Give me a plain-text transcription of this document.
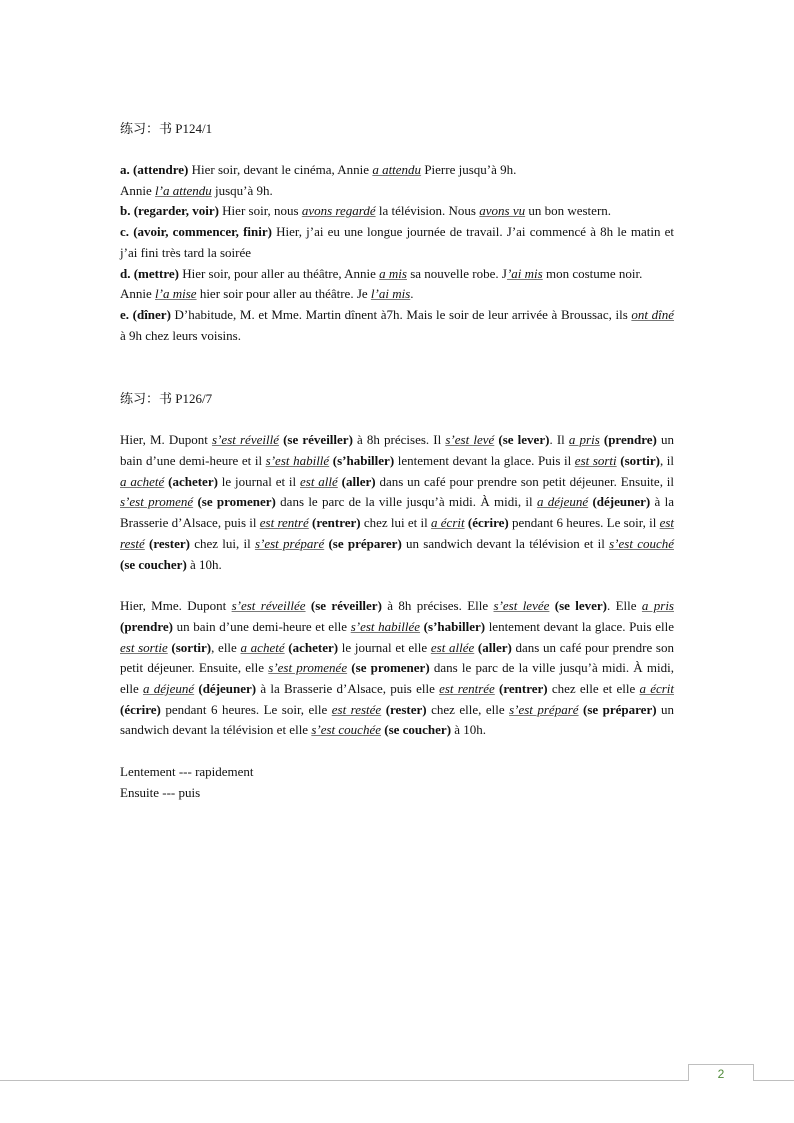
练习：书 P124/1

a. (attendre) Hier soir, devant le cinéma, Annie a attendu Pierre jusqu’à 9h.

Annie l’a attendu jusqu’à 9h.

b. (regarder, voir) Hier soir, nous avons regardé la télévision. Nous avons vu un bon western.

c. (avoir, commencer, finir) Hier, j’ai eu une longue journée de travail. J’ai commencé à 8h le matin et j’ai fini très tard la soirée

d. (mettre) Hier soir, pour aller au théâtre, Annie a mis sa nouvelle robe. J’ai mis mon costume noir.

Annie l’a mise hier soir pour aller au théâtre. Je l’ai mis.

e. (dîner) D’habitude, M. et Mme. Martin dînent à7h. Mais le soir de leur arrivée à Broussac, ils ont dîné à 9h chez leurs voisins.

练习：书 P126/7

Hier, M. Dupont s’est réveillé (se réveiller) à 8h précises. Il s’est levé (se lever). Il a pris (prendre) un bain d’une demi-heure et il s’est habillé (s’habiller) lentement devant la glace. Puis il est sorti (sortir), il a acheté (acheter) le journal et il est allé (aller) dans un café pour prendre son petit déjeuner. Ensuite, il s’est promené (se promener) dans le parc de la ville jusqu’à midi. À midi, il a déjeuné (déjeuner) à la Brasserie d’Alsace, puis il est rentré (rentrer) chez lui et il a écrit (écrire) pendant 6 heures. Le soir, il est resté (rester) chez lui, il s’est préparé (se préparer) un sandwich devant la télévision et il s’est couché (se coucher) à 10h.

Hier, Mme. Dupont s’est réveillée (se réveiller) à 8h précises. Elle s’est levée (se lever). Elle a pris (prendre) un bain d’une demi-heure et elle s’est habillée (s’habiller) lentement devant la glace. Puis elle est sortie (sortir), elle a acheté (acheter) le journal et elle est allée (aller) dans un café pour prendre son petit déjeuner. Ensuite, elle s’est promenée (se promener) dans le parc de la ville jusqu’à midi. À midi, elle a déjeuné (déjeuner) à la Brasserie d’Alsace, puis elle est rentrée (rentrer) chez elle et elle a écrit (écrire) pendant 6 heures. Le soir, elle est restée (rester) chez elle, elle s’est préparé (se préparer) un sandwich devant la télévision et elle s’est couchée (se coucher) à 10h.

Lentement --- rapidement

Ensuite --- puis

2
